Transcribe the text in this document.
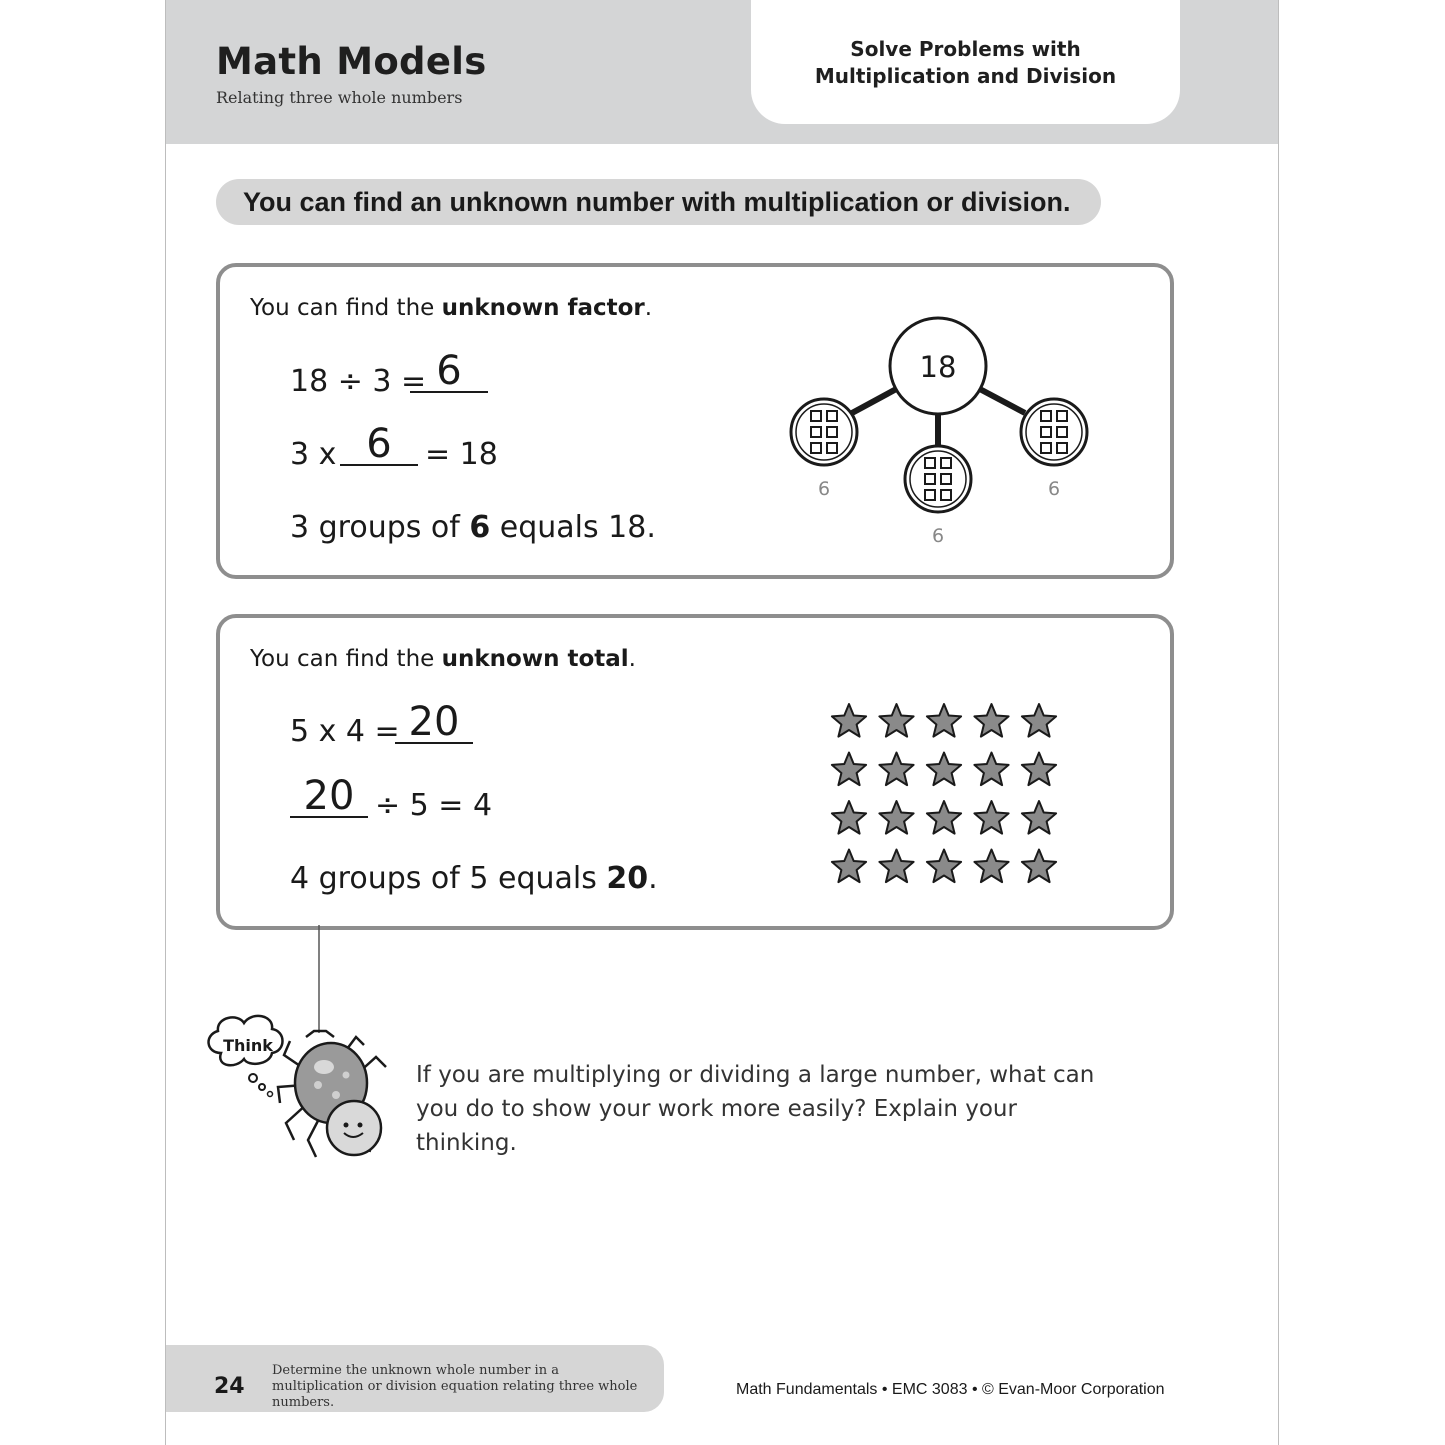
Math Models
Relating three whole numbers
Solve Problems with
Multiplication and Division
You can find an unknown number with multiplication or division.
You can find the unknown factor.
18 ÷ 3 = 6
3 x 6	= 18
3 groups of 6 equals 18.
18
6
6
6
You can find the unknown total.
5 x 4 = 20
20 ÷ 5 = 4
4 groups of 5 equals 20.
Think
If you are multiplying or dividing a large number, what can you do to show your work more easily? Explain your thinking.
24
Determine the unknown whole number in a multiplication or division equation relating three whole numbers.
Math Fundamentals • EMC 3083 • © Evan-Moor Corporation
